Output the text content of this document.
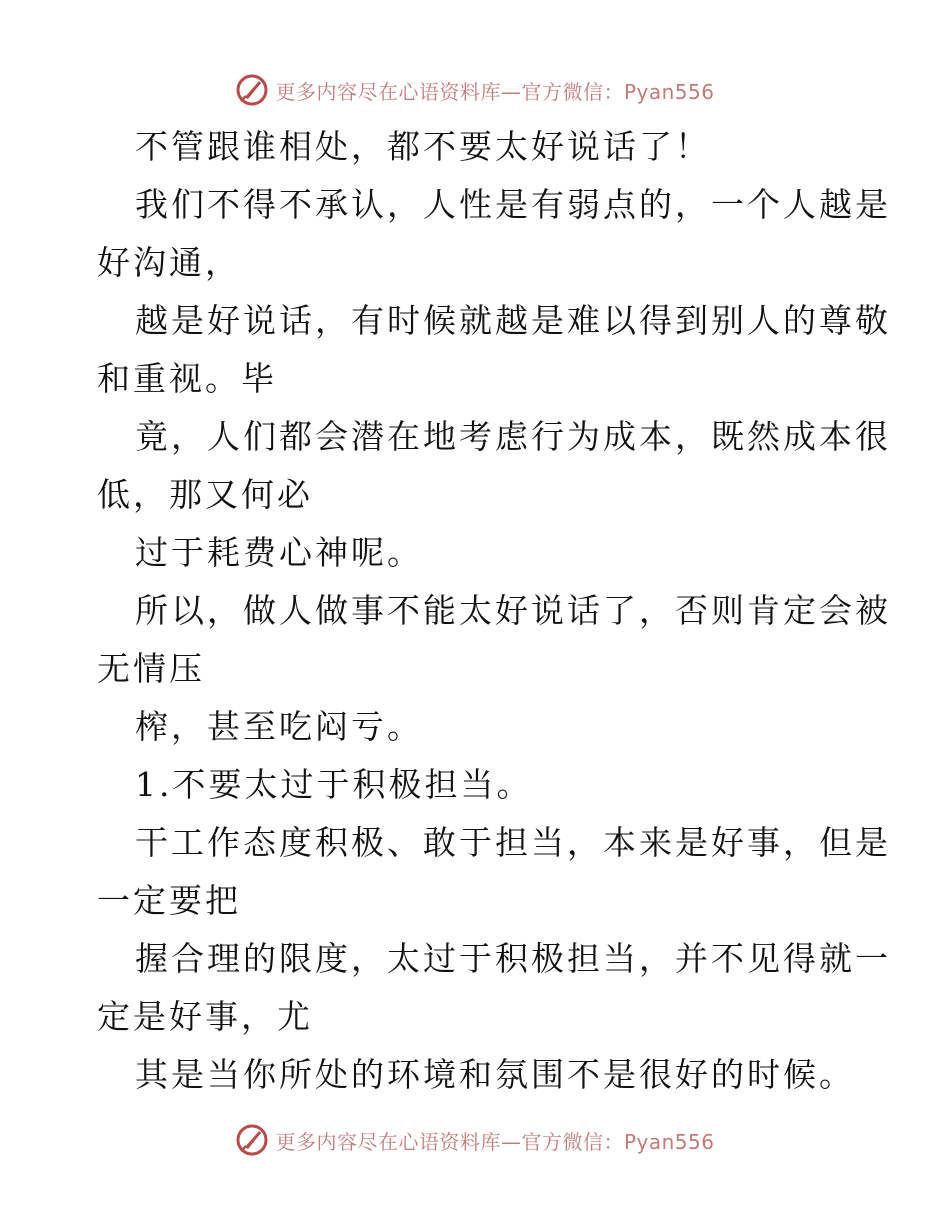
更多内容尽在心语资料库—官方微信：Pyan556
不管跟谁相处，都不要太好说话了！
我们不得不承认，人性是有弱点的，一个人越是
好沟通，
越是好说话，有时候就越是难以得到别人的尊敬
和重视。毕
竟，人们都会潜在地考虑行为成本，既然成本很
低，那又何必
过于耗费心神呢。
所以，做人做事不能太好说话了，否则肯定会被
无情压
榨，甚至吃闷亏。
1.不要太过于积极担当。
干工作态度积极、敢于担当，本来是好事，但是
一定要把
握合理的限度，太过于积极担当，并不见得就一
定是好事，尤
其是当你所处的环境和氛围不是很好的时候。
更多内容尽在心语资料库—官方微信：Pyan556
